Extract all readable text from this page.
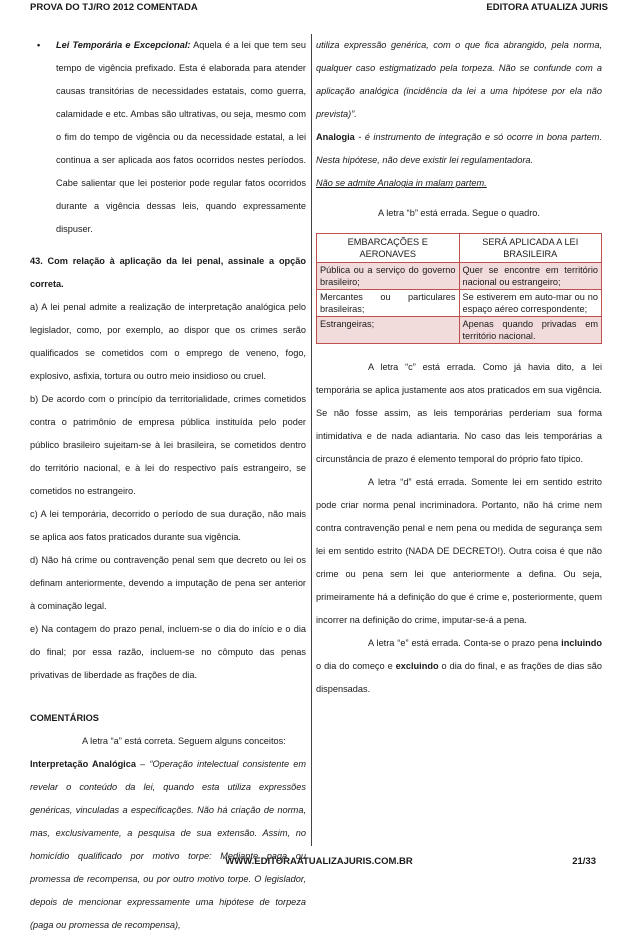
PROVA DO TJ/RO 2012 COMENTADA	EDITORA ATUALIZA JURIS

• Lei Temporária e Excepcional: Aquela é a lei que tem seu tempo de vigência prefixado. Esta é elaborada para atender causas transitórias de necessidades estatais, como guerra, calamidade e etc. Ambas são ultrativas, ou seja, mesmo com o fim do tempo de vigência ou da necessidade estatal, a lei continua a ser aplicada aos fatos ocorridos nestes períodos. Cabe salientar que lei posterior pode regular fatos ocorridos durante a vigência dessas leis, quando expressamente dispuser.

43. Com relação à aplicação da lei penal, assinale a opção correta.

a) A lei penal admite a realização de interpretação analógica pelo legislador, como, por exemplo, ao dispor que os crimes serão qualificados se cometidos com o emprego de veneno, fogo, explosivo, asfixia, tortura ou outro meio insidioso ou cruel.

b) De acordo com o princípio da territorialidade, crimes cometidos contra o patrimônio de empresa pública instituída pelo poder público brasileiro sujeitam-se à lei brasileira, se cometidos dentro do território nacional, e à lei do respectivo país estrangeiro, se cometidos no estrangeiro.

c) A lei temporária, decorrido o período de sua duração, não mais se aplica aos fatos praticados durante sua vigência.

d) Não há crime ou contravenção penal sem que decreto ou lei os definam anteriormente, devendo a imputação de pena ser anterior à cominação legal.

e) Na contagem do prazo penal, incluem-se o dia do início e o dia do final; por essa razão, incluem-se no cômputo das penas privativas de liberdade as frações de dia.

COMENTÁRIOS

A letra “a” está correta. Seguem alguns conceitos:

Interpretação Analógica – “Operação intelectual consistente em revelar o conteúdo da lei, quando esta utiliza expressões genéricas, vinculadas a especificações. Não há criação de norma, mas, exclusivamente, a pesquisa de sua extensão. Assim, no homicídio qualificado por motivo torpe: Mediante paga ou promessa de recompensa, ou por outro motivo torpe. O legislador, depois de mencionar expressamente uma hipótese de torpeza (paga ou promessa de recompensa),

utiliza expressão genérica, com o que fica abrangido, pela norma, qualquer caso estigmatizado pela torpeza. Não se confunde com a aplicação analógica (incidência da lei a uma hipótese por ela não prevista)”.

Analogia - é instrumento de integração e só ocorre in bona partem. Nesta hipótese, não deve existir lei regulamentadora.

Não se admite Analogia in malam partem.

A letra “b” está errada. Segue o quadro.

EMBARCAÇÕES E AERONAVES	SERÁ APLICADA A LEI BRASILEIRA
Pública ou a serviço do governo brasileiro;	Quer se encontre em território nacional ou estrangeiro;
Mercantes ou particulares brasileiras;	Se estiverem em auto-mar ou no espaço aéreo correspondente;
Estrangeiras;	Apenas quando privadas em território nacional.

A letra “c” está errada. Como já havia dito, a lei temporária se aplica justamente aos atos praticados em sua vigência. Se não fosse assim, as leis temporárias perderiam sua forma intimidativa e de nada adiantaria. No caso das leis temporárias a circunstância de prazo é elemento temporal do próprio fato típico.

A letra “d” está errada. Somente lei em sentido estrito pode criar norma penal incriminadora. Portanto, não há crime nem contra contravenção penal e nem pena ou medida de segurança sem lei em sentido estrito (NADA DE DECRETO!). Outra coisa é que não crime ou pena sem lei que anteriormente a defina. Ou seja, primeiramente há a definição do que é crime e, posteriormente, quem incorrer na definição do crime, imputar-se-á a pena.

A letra “e” está errada. Conta-se o prazo pena incluindo o dia do começo e excluindo o dia do final, e as frações de dias são dispensadas.

WWW.EDITORAATUALIZAJURIS.COM.BR	21/33
